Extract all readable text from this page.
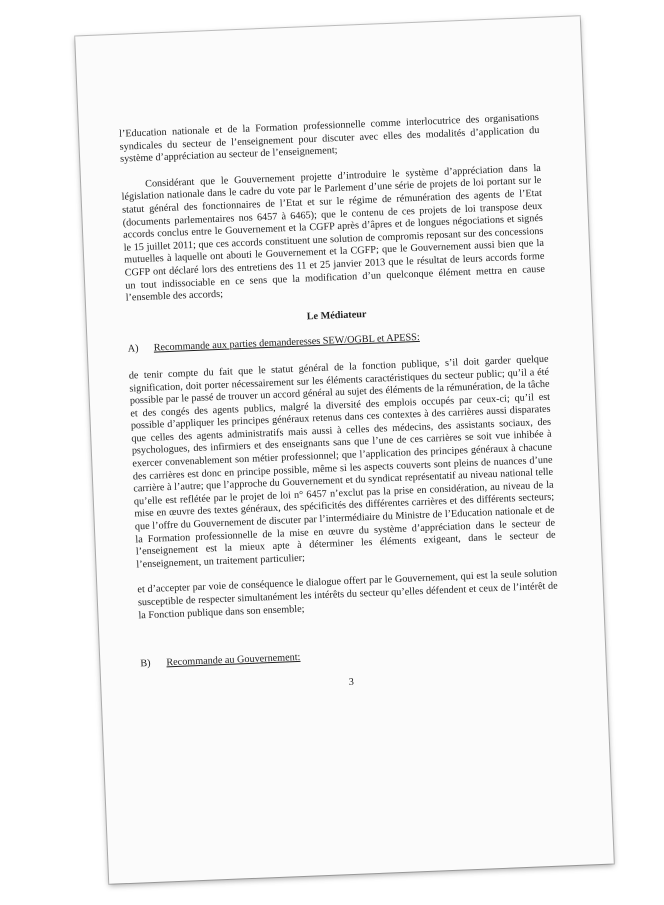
l’Education nationale et de la Formation professionnelle comme interlocutrice des organisations syndicales du secteur de l’enseignement pour discuter avec elles des modalités d’application du système d’appréciation au secteur de l’enseignement;

Considérant que le Gouvernement projette d’introduire le système d’appréciation dans la législation nationale dans le cadre du vote par le Parlement d’une série de projets de loi portant sur le statut général des fonctionnaires de l’Etat et sur le régime de rémunération des agents de l’Etat (documents parlementaires nos 6457 à 6465); que le contenu de ces projets de loi transpose deux accords conclus entre le Gouvernement et la CGFP après d’âpres et de longues négociations et signés le 15 juillet 2011; que ces accords constituent une solution de compromis reposant sur des concessions mutuelles à laquelle ont abouti le Gouvernement et la CGFP; que le Gouvernement aussi bien que la CGFP ont déclaré lors des entretiens des 11 et 25 janvier 2013 que le résultat de leurs accords forme un tout indissociable en ce sens que la modification d’un quelconque élément mettra en cause l’ensemble des accords;

Le Médiateur

A)	Recommande aux parties demanderesses SEW/OGBL et APESS:

de tenir compte du fait que le statut général de la fonction publique, s’il doit garder quelque signification, doit porter nécessairement sur les éléments caractéristiques du secteur public; qu’il a été possible par le passé de trouver un accord général au sujet des éléments de la rémunération, de la tâche et des congés des agents publics, malgré la diversité des emplois occupés par ceux-ci; qu’il est possible d’appliquer les principes généraux retenus dans ces contextes à des carrières aussi disparates que celles des agents administratifs mais aussi à celles des médecins, des assistants sociaux, des psychologues, des infirmiers et des enseignants sans que l’une de ces carrières se soit vue inhibée à exercer convenablement son métier professionnel; que l’application des principes généraux à chacune des carrières est donc en principe possible, même si les aspects couverts sont pleins de nuances d’une carrière à l’autre; que l’approche du Gouvernement et du syndicat représentatif au niveau national telle qu’elle est reflétée par le projet de loi n° 6457 n’exclut pas la prise en considération, au niveau de la mise en œuvre des textes généraux, des spécificités des différentes carrières et des différents secteurs; que l’offre du Gouvernement de discuter par l’intermédiaire du Ministre de l’Education nationale et de la Formation professionnelle de la mise en œuvre du système d’appréciation dans le secteur de l’enseignement est la mieux apte à déterminer les éléments exigeant, dans le secteur de l’enseignement, un traitement particulier;

et d’accepter par voie de conséquence le dialogue offert par le Gouvernement, qui est la seule solution susceptible de respecter simultanément les intérêts du secteur qu’elles défendent et ceux de l’intérêt de la Fonction publique dans son ensemble;

B)	Recommande au Gouvernement:
3
